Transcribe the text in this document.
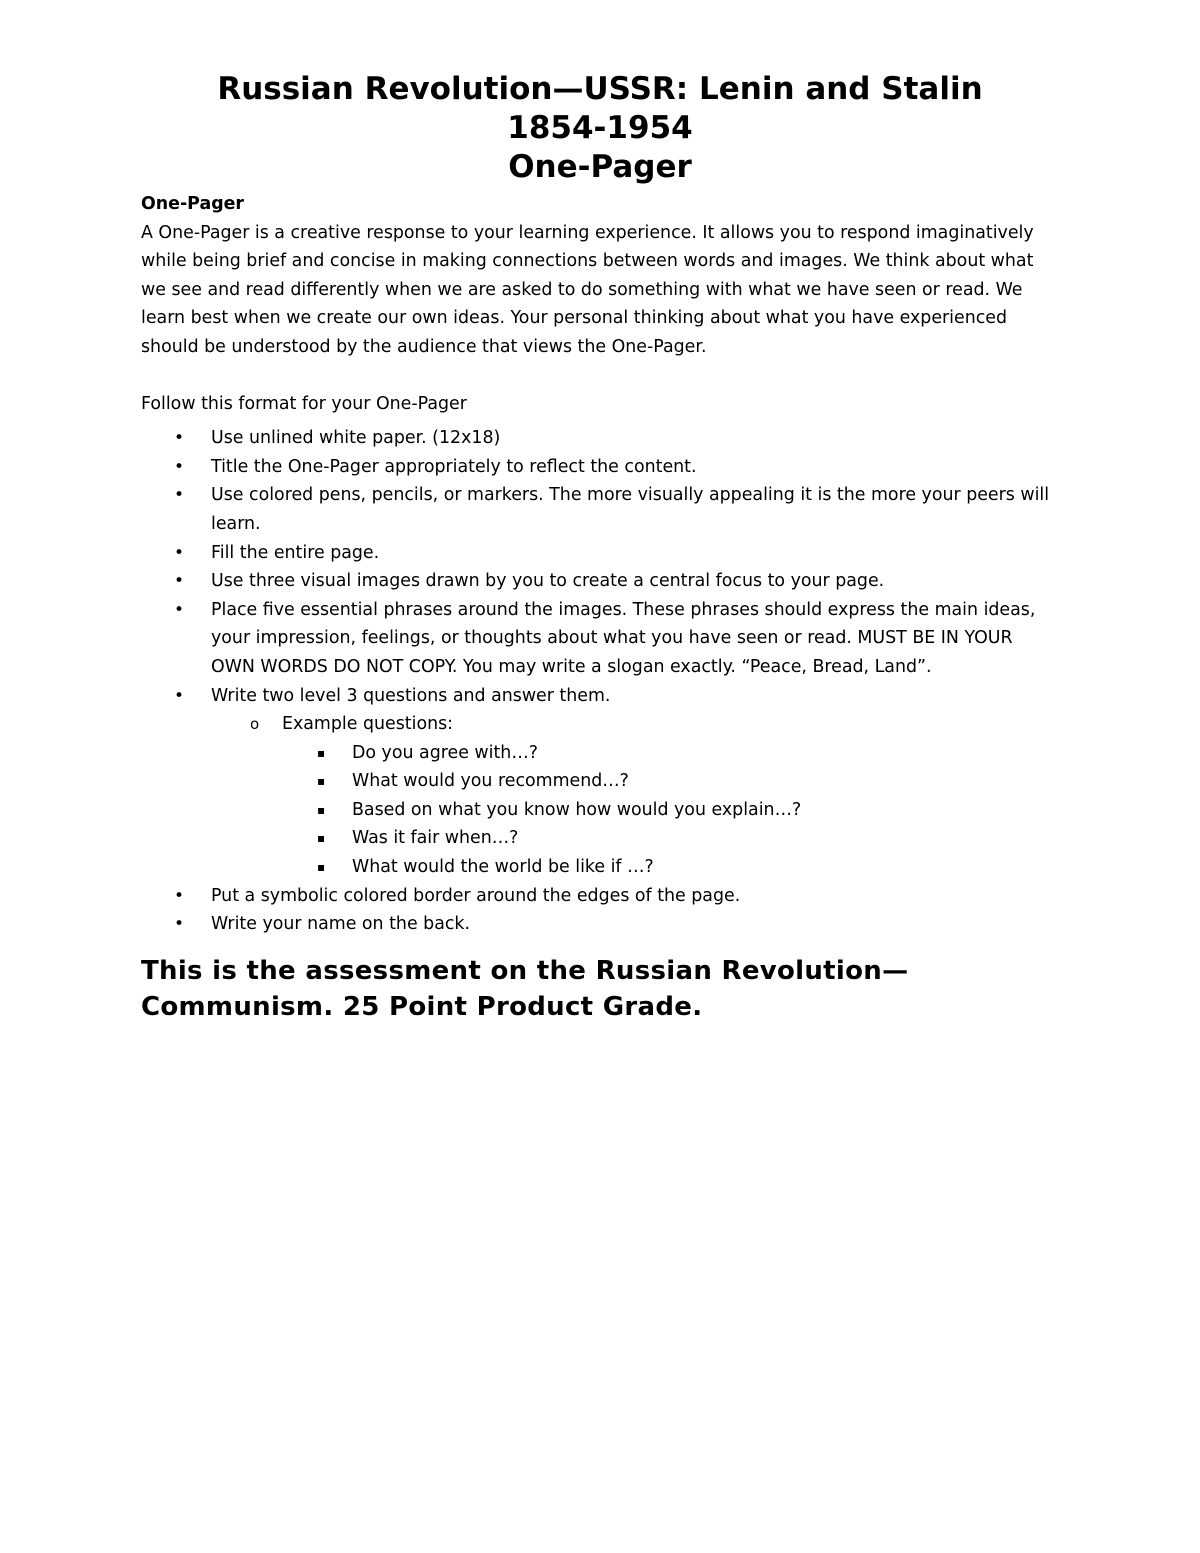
Russian Revolution—USSR: Lenin and Stalin
1854-1954
One-Pager

One-Pager

A One-Pager is a creative response to your learning experience. It allows you to respond imaginatively while being brief and concise in making connections between words and images. We think about what we see and read differently when we are asked to do something with what we have seen or read. We learn best when we create our own ideas. Your personal thinking about what you have experienced should be understood by the audience that views the One-Pager.

Follow this format for your One-Pager

• Use unlined white paper. (12x18)
• Title the One-Pager appropriately to reflect the content.
• Use colored pens, pencils, or markers. The more visually appealing it is the more your peers will learn.
• Fill the entire page.
• Use three visual images drawn by you to create a central focus to your page.
• Place five essential phrases around the images. These phrases should express the main ideas, your impression, feelings, or thoughts about what you have seen or read. MUST BE IN YOUR OWN WORDS DO NOT COPY. You may write a slogan exactly. “Peace, Bread, Land”.
• Write two level 3 questions and answer them.
o Example questions:
▪ Do you agree with…?
▪ What would you recommend…?
▪ Based on what you know how would you explain…?
▪ Was it fair when…?
▪ What would the world be like if …?
• Put a symbolic colored border around the edges of the page.
• Write your name on the back.
This is the assessment on the Russian Revolution—
Communism. 25 Point Product Grade.
